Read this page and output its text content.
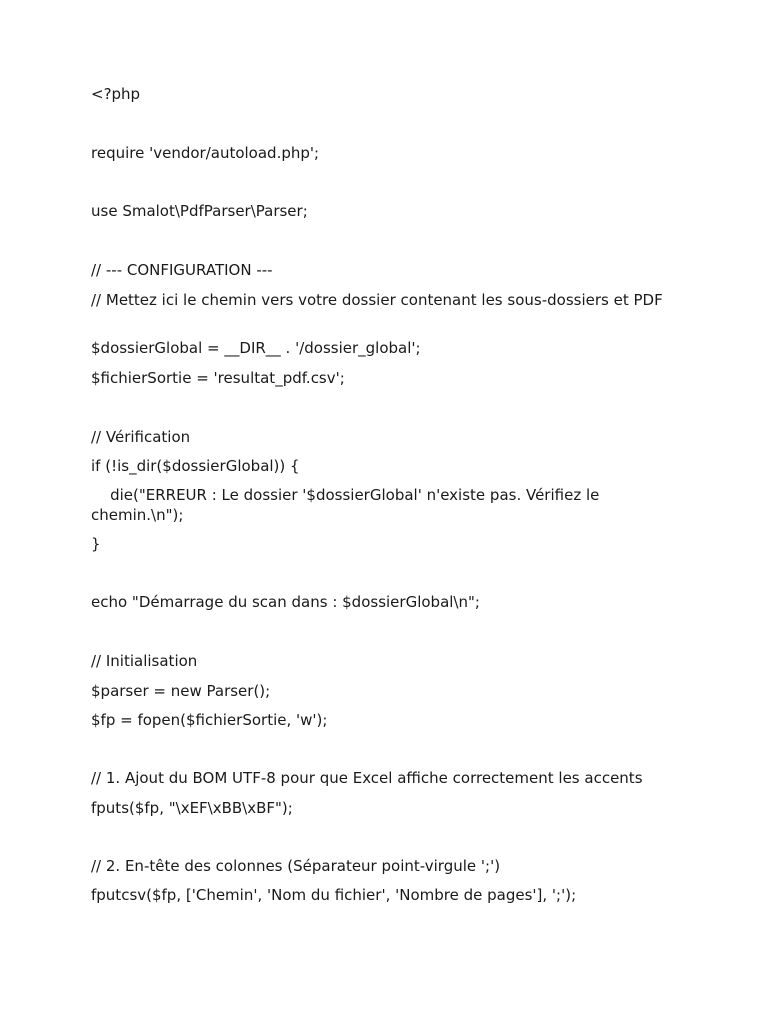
<?php

require 'vendor/autoload.php';

use Smalot\PdfParser\Parser;

// --- CONFIGURATION ---

// Mettez ici le chemin vers votre dossier contenant les sous-dossiers et PDF

$dossierGlobal = __DIR__ . '/dossier_global';

$fichierSortie = 'resultat_pdf.csv';

// Vérification

if (!is_dir($dossierGlobal)) {

die("ERREUR : Le dossier '$dossierGlobal' n'existe pas. Vérifiez le chemin.\n");

}

echo "Démarrage du scan dans : $dossierGlobal\n";

// Initialisation

$parser = new Parser();

$fp = fopen($fichierSortie, 'w');

// 1. Ajout du BOM UTF-8 pour que Excel affiche correctement les accents

fputs($fp, "\xEF\xBB\xBF");

// 2. En-tête des colonnes (Séparateur point-virgule ';')

fputcsv($fp, ['Chemin', 'Nom du fichier', 'Nombre de pages'], ';');
